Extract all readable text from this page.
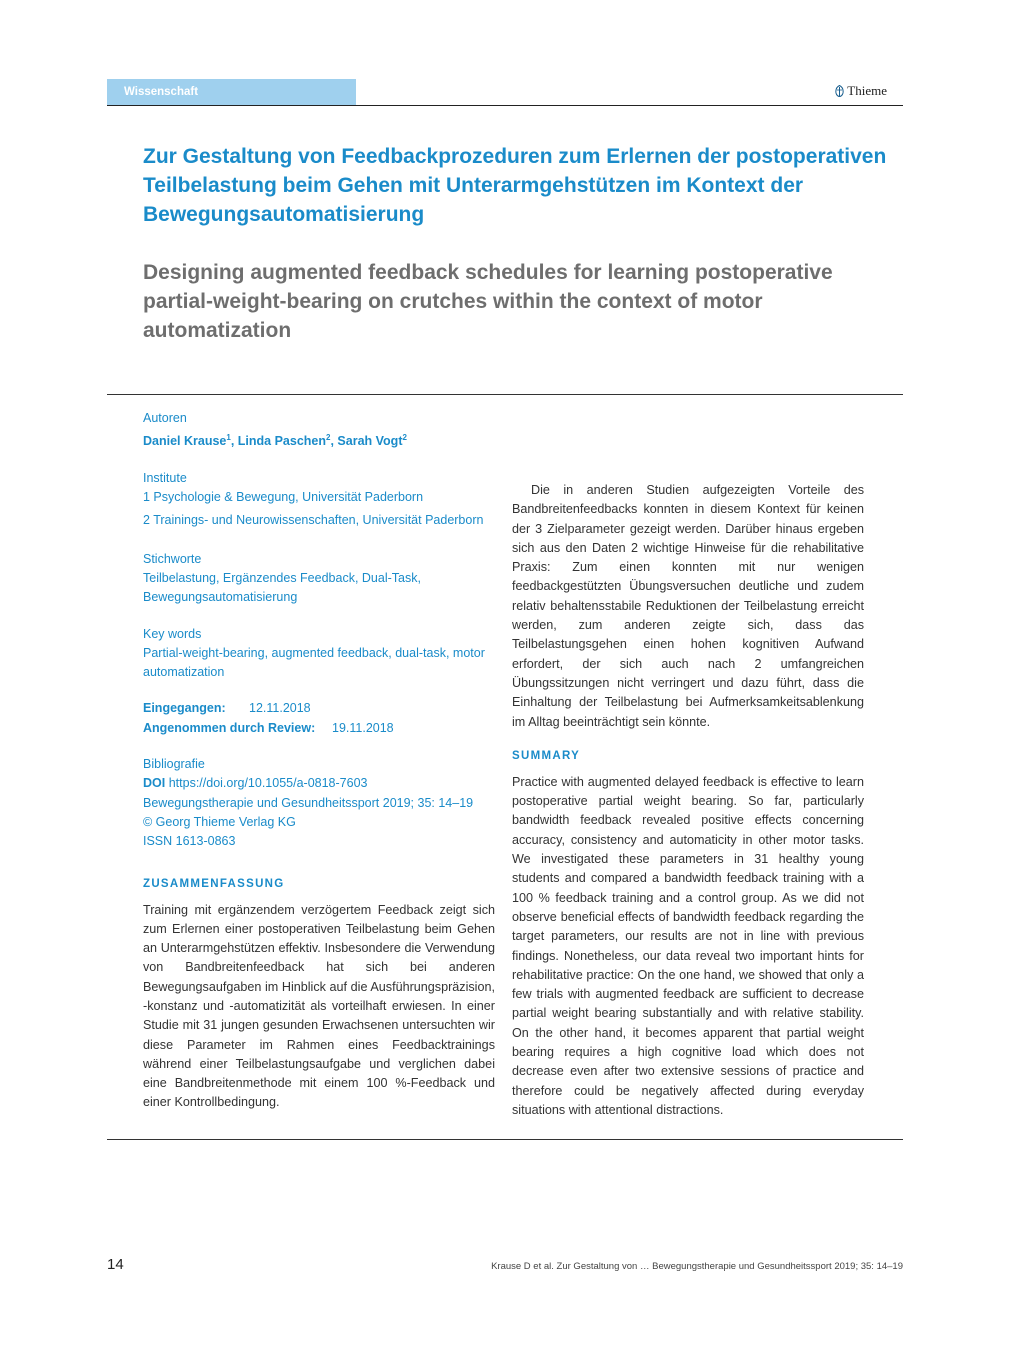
Wissenschaft	Thieme
Zur Gestaltung von Feedbackprozeduren zum Erlernen der postoperativen Teilbelastung beim Gehen mit Unterarmgehstützen im Kontext der Bewegungsautomatisierung
Designing augmented feedback schedules for learning postoperative partial-weight-bearing on crutches within the context of motor automatization
Autoren
Daniel Krause$^1$, Linda Paschen$^2$, Sarah Vogt$^2$
Institute
1 Psychologie & Bewegung, Universität Paderborn
2 Trainings- und Neurowissenschaften, Universität Paderborn
Stichworte
Teilbelastung, Ergänzendes Feedback, Dual-Task, Bewegungsautomatisierung
Key words
Partial-weight-bearing, augmented feedback, dual-task, motor automatization
Eingegangen:	12.11.2018
Angenommen durch Review:	19.11.2018
Bibliografie
DOI https://doi.org/10.1055/a-0818-7603
Bewegungstherapie und Gesundheitssport 2019; 35: 14–19
© Georg Thieme Verlag KG
ISSN 1613-0863
ZUSAMMENFASSUNG

Training mit ergänzendem verzögertem Feedback zeigt sich zum Erlernen einer postoperativen Teilbelastung beim Gehen an Unterarmgehstützen effektiv. Insbesondere die Verwendung von Bandbreitenfeedback hat sich bei anderen Bewegungsaufgaben im Hinblick auf die Ausführungspräzision, -konstanz und -automatizität als vorteilhaft erwiesen. In einer Studie mit 31 jungen gesunden Erwachsenen untersuchten wir diese Parameter im Rahmen eines Feedbacktrainings während einer Teilbelastungsaufgabe und verglichen dabei eine Bandbreitenmethode mit einem 100 %-Feedback und einer Kontrollbedingung.

Die in anderen Studien aufgezeigten Vorteile des Bandbreitenfeedbacks konnten in diesem Kontext für keinen der 3 Zielparameter gezeigt werden. Darüber hinaus ergeben sich aus den Daten 2 wichtige Hinweise für die rehabilitative Praxis: Zum einen konnten mit nur wenigen feedbackgestützten Übungsversuchen deutliche und zudem relativ behaltensstabile Reduktionen der Teilbelastung erreicht werden, zum anderen zeigte sich, dass das Teilbelastungsgehen einen hohen kognitiven Aufwand erfordert, der sich auch nach 2 umfangreichen Übungssitzungen nicht verringert und dazu führt, dass die Einhaltung der Teilbelastung bei Aufmerksamkeitsablenkung im Alltag beeinträchtigt sein könnte.

SUMMARY

Practice with augmented delayed feedback is effective to learn postoperative partial weight bearing. So far, particularly bandwidth feedback revealed positive effects concerning accuracy, consistency and automaticity in other motor tasks. We investigated these parameters in 31 healthy young students and compared a bandwidth feedback training with a 100 % feedback training and a control group. As we did not observe beneficial effects of bandwidth feedback regarding the target parameters, our results are not in line with previous findings. Nonetheless, our data reveal two important hints for rehabilitative practice: On the one hand, we showed that only a few trials with augmented feedback are sufficient to decrease partial weight bearing substantially and with relative stability. On the other hand, it becomes apparent that partial weight bearing requires a high cognitive load which does not decrease even after two extensive sessions of practice and therefore could be negatively affected during everyday situations with attentional distractions.

14	Krause D et al. Zur Gestaltung von … Bewegungstherapie und Gesundheitssport 2019; 35: 14–19
